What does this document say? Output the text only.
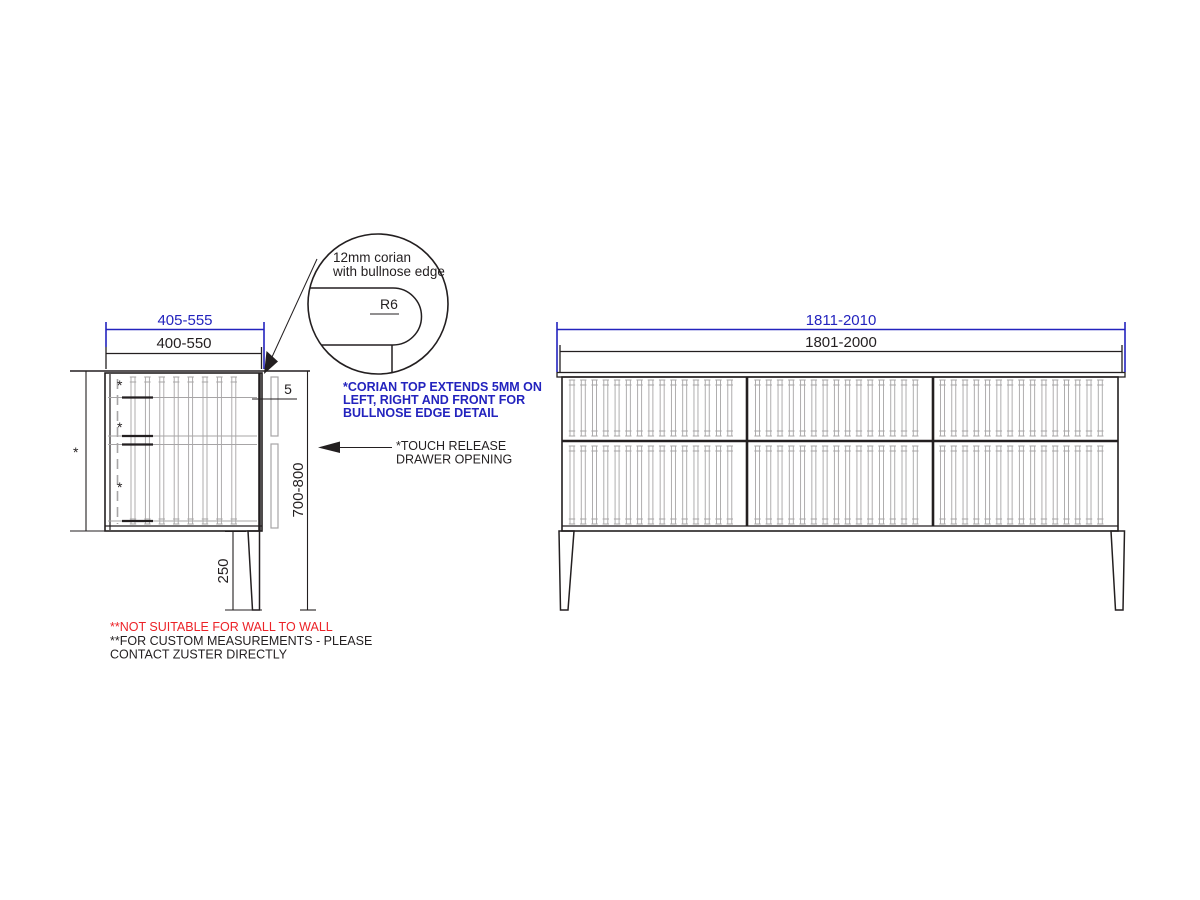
*
*
*
*
405-555
400-550
5
700-800
250
12mm corian
with bullnose edge
R6
*CORIAN TOP EXTENDS 5MM ON
LEFT, RIGHT AND FRONT FOR
BULLNOSE EDGE DETAIL
*TOUCH RELEASE
DRAWER OPENING
**NOT SUITABLE FOR WALL TO WALL
**FOR CUSTOM MEASUREMENTS - PLEASE
CONTACT ZUSTER DIRECTLY
1811-2010
1801-2000
